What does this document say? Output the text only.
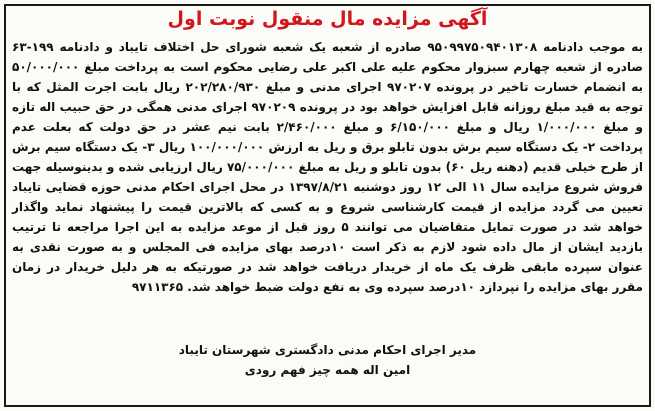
آگهی مزایده مال منقول نوبت اول
به موجب دادنامه ۹۵۰۹۹۷۵۰۹۴۰۱۳۰۸ صادره از شعبه یک شعبه شورای حل اختلاف تایباد و دادنامه ۱۹۹-۶۳ صادره از شعبه چهارم سبزوار محکوم علیه علی اکبر علی رضایی محکوم است به پرداخت مبلغ ۵۰/۰۰۰/۰۰۰ به انضمام خسارت تاخیر در پرونده ۹۷۰۲۰۷ اجرای مدنی و مبلغ ۲۰۲/۲۸۰/۹۳۰ ریال بابت اجرت المثل که با توجه به قید مبلغ روزانه قابل افزایش خواهد بود در پرونده ۹۷۰۲۰۹ اجرای مدنی همگی در حق حبیب اله تازه و مبلغ ۱/۰۰۰/۰۰۰ ریال و مبلغ ۶/۱۵۰/۰۰۰ و مبلغ ۲/۴۶۰/۰۰۰ بابت نیم عشر در حق دولت که بعلت عدم پرداخت ۲- یک دستگاه سیم برش بدون تابلو برق و ریل به ارزش ۱۰۰/۰۰۰/۰۰۰ ریال ۳- یک دستگاه سیم برش از طرح خیلی قدیم (دهنه ریل ۶۰) بدون تابلو و ریل به مبلغ ۷۵/۰۰۰/۰۰۰ ریال ارزیابی شده و بدینوسیله جهت فروش شروع مزایده سال ۱۱ الی ۱۲ روز دوشنبه ۱۳۹۷/۸/۲۱ در محل اجرای احکام مدنی حوزه قضایی تایباد تعیین می گردد مزایده از قیمت کارشناسی شروع و به کسی که بالاترین قیمت را پیشنهاد نماید واگذار خواهد شد در صورت تمایل متقاضیان می توانند ۵ روز قبل از موعد مزایده به این اجرا مراجعه تا ترتیب بازدید ایشان از مال داده شود لازم به ذکر است ۱۰درصد بهای مزایده فی المجلس و به صورت نقدی به عنوان سپرده مابقی ظرف یک ماه از خریدار دریافت خواهد شد در صورتیکه به هر دلیل خریدار در زمان مقرر بهای مزایده را نپردازد ۱۰درصد سپرده وی به نفع دولت ضبط خواهد شد. ۹۷۱۱۳۶۵
مدیر اجرای احکام مدنی دادگستری شهرستان تایباد
امین اله همه چیز فهم رودی
